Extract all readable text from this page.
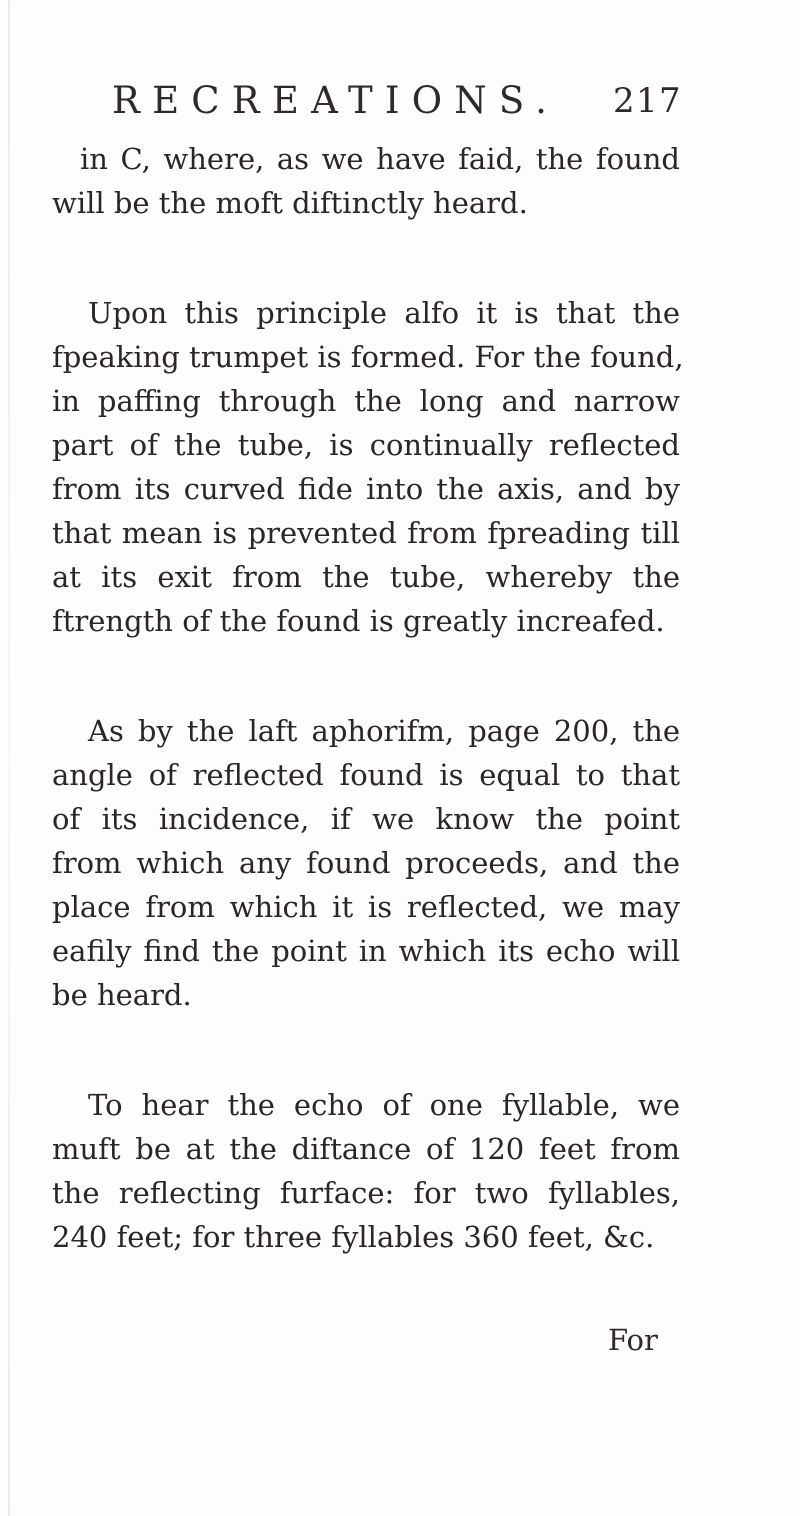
RECREATIONS. 217
in C, where, as we have faid, the found
will be the moft diftinctly heard.
Upon this principle alfo it is that the
fpeaking trumpet is formed. For the found,
in paffing through the long and narrow
part of the tube, is continually reflected
from its curved fide into the axis, and by
that mean is prevented from fpreading till
at its exit from the tube, whereby the
ftrength of the found is greatly increafed.
As by the laft aphorifm, page 200, the
angle of reflected found is equal to that
of its incidence, if we know the point
from which any found proceeds, and the
place from which it is reflected, we may
eafily find the point in which its echo will
be heard.
To hear the echo of one fyllable, we
muft be at the diftance of 120 feet from
the reflecting furface: for two fyllables,
240 feet; for three fyllables 360 feet, &c.
For
